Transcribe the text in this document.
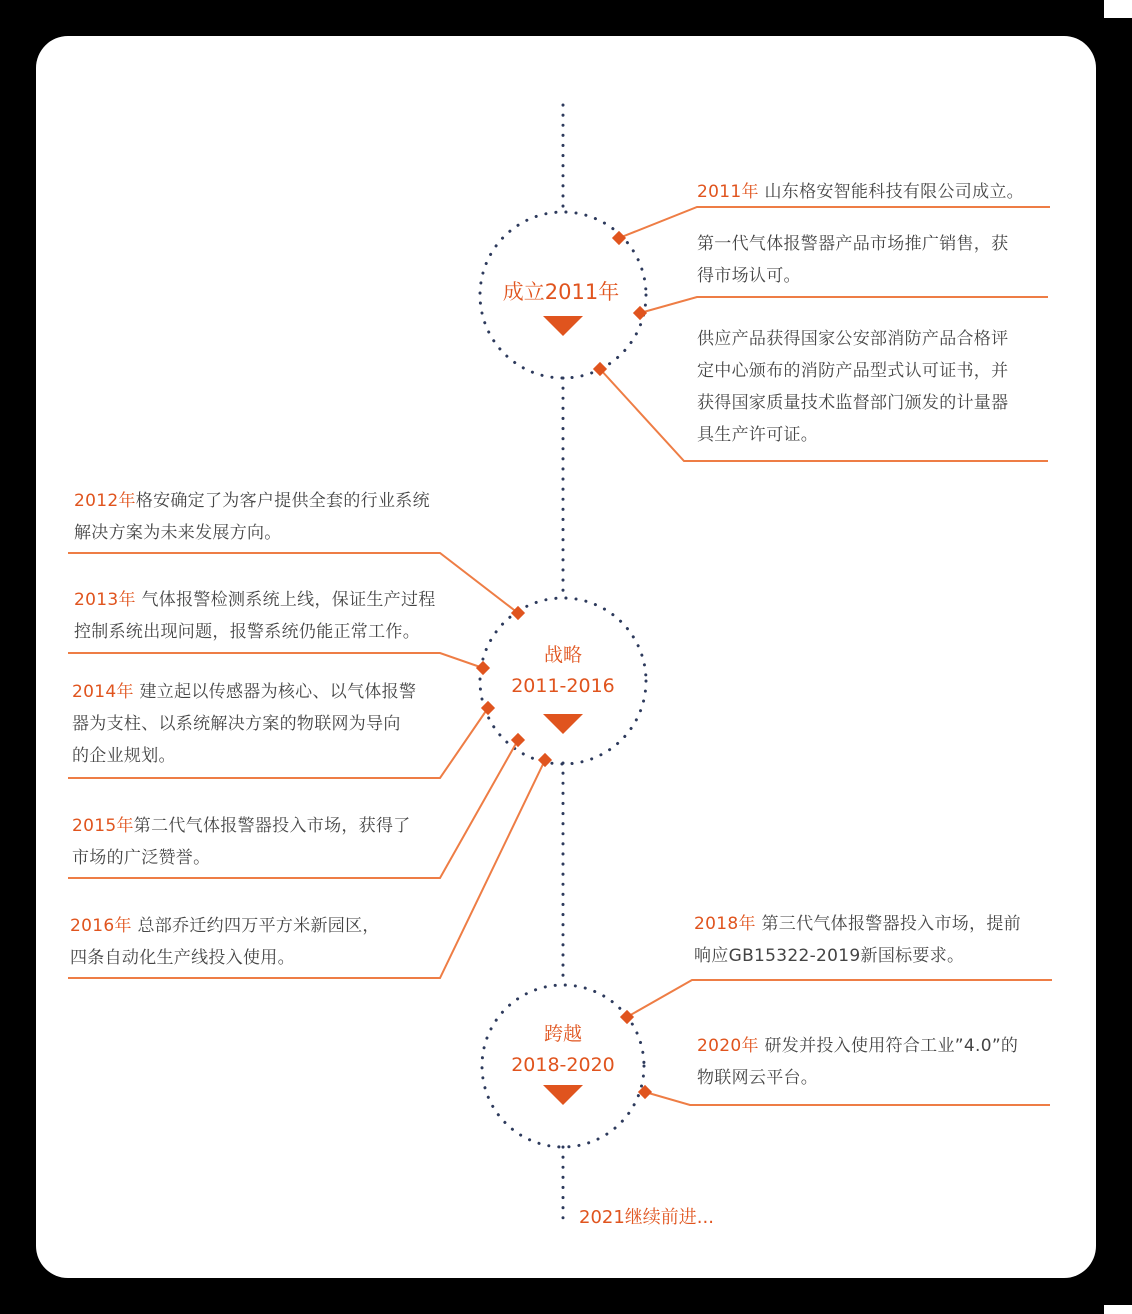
成立2011年
战略
2011-2016
跨越
2018-2020
2011年 山东格安智能科技有限公司成立。
第一代气体报警器产品市场推广销售，获
得市场认可。
供应产品获得国家公安部消防产品合格评
定中心颁布的消防产品型式认可证书，并
获得国家质量技术监督部门颁发的计量器
具生产许可证。
2012年格安确定了为客户提供全套的行业系统
解决方案为未来发展方向。
2013年 气体报警检测系统上线，保证生产过程
控制系统出现问题，报警系统仍能正常工作。
2014年 建立起以传感器为核心、以气体报警
器为支柱、以系统解决方案的物联网为导向
的企业规划。
2015年第二代气体报警器投入市场，获得了
市场的广泛赞誉。
2016年 总部乔迁约四万平方米新园区，
四条自动化生产线投入使用。
2018年 第三代气体报警器投入市场，提前
响应GB15322-2019新国标要求。
2020年 研发并投入使用符合工业”4.0”的
物联网云平台。
2021继续前进...
